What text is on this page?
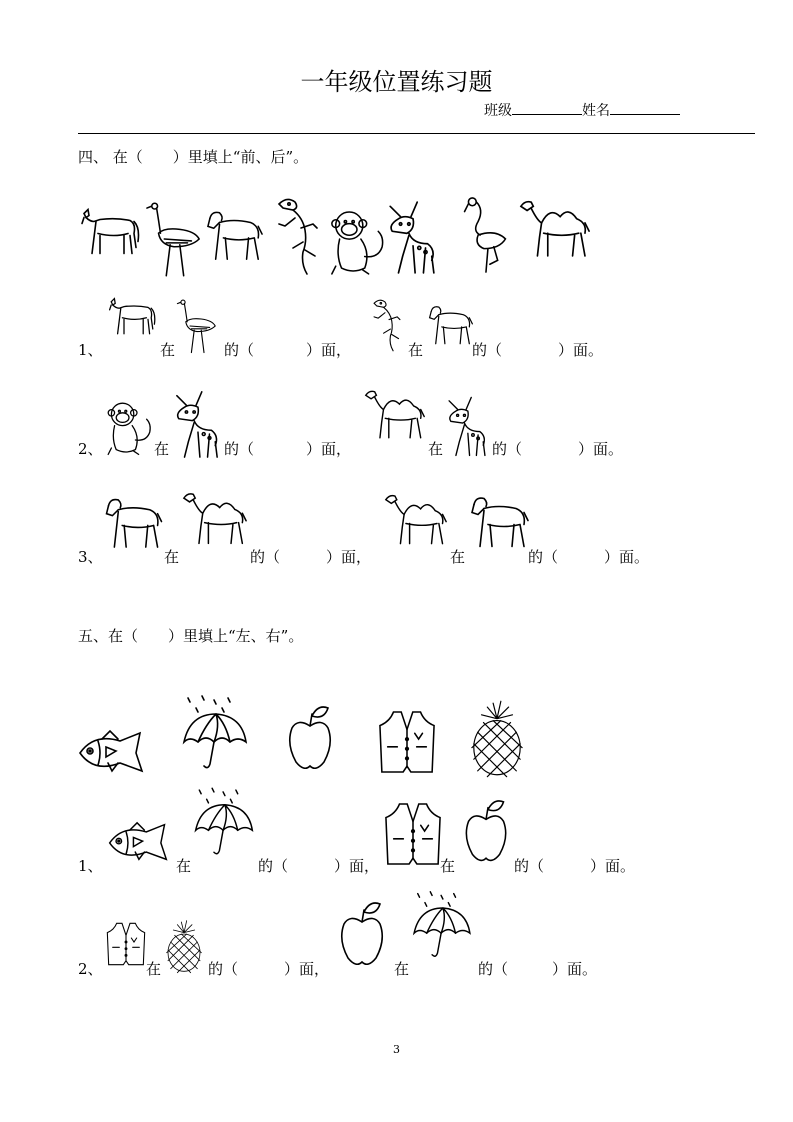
一年级位置练习题
班级	姓名
四、 在（　　）里填上“前、后”。
1、	在	的（	）面，	在	的（	）面。
2、	在	的（	）面，	在	的（	）面。
3、	在	的（	）面，	在	的（	）面。
五、在（　　）里填上“左、右”。
1、	在	的（	）面，	在	的（	）面。
2、	在	的（	）面，	在	的（	）面。
3
